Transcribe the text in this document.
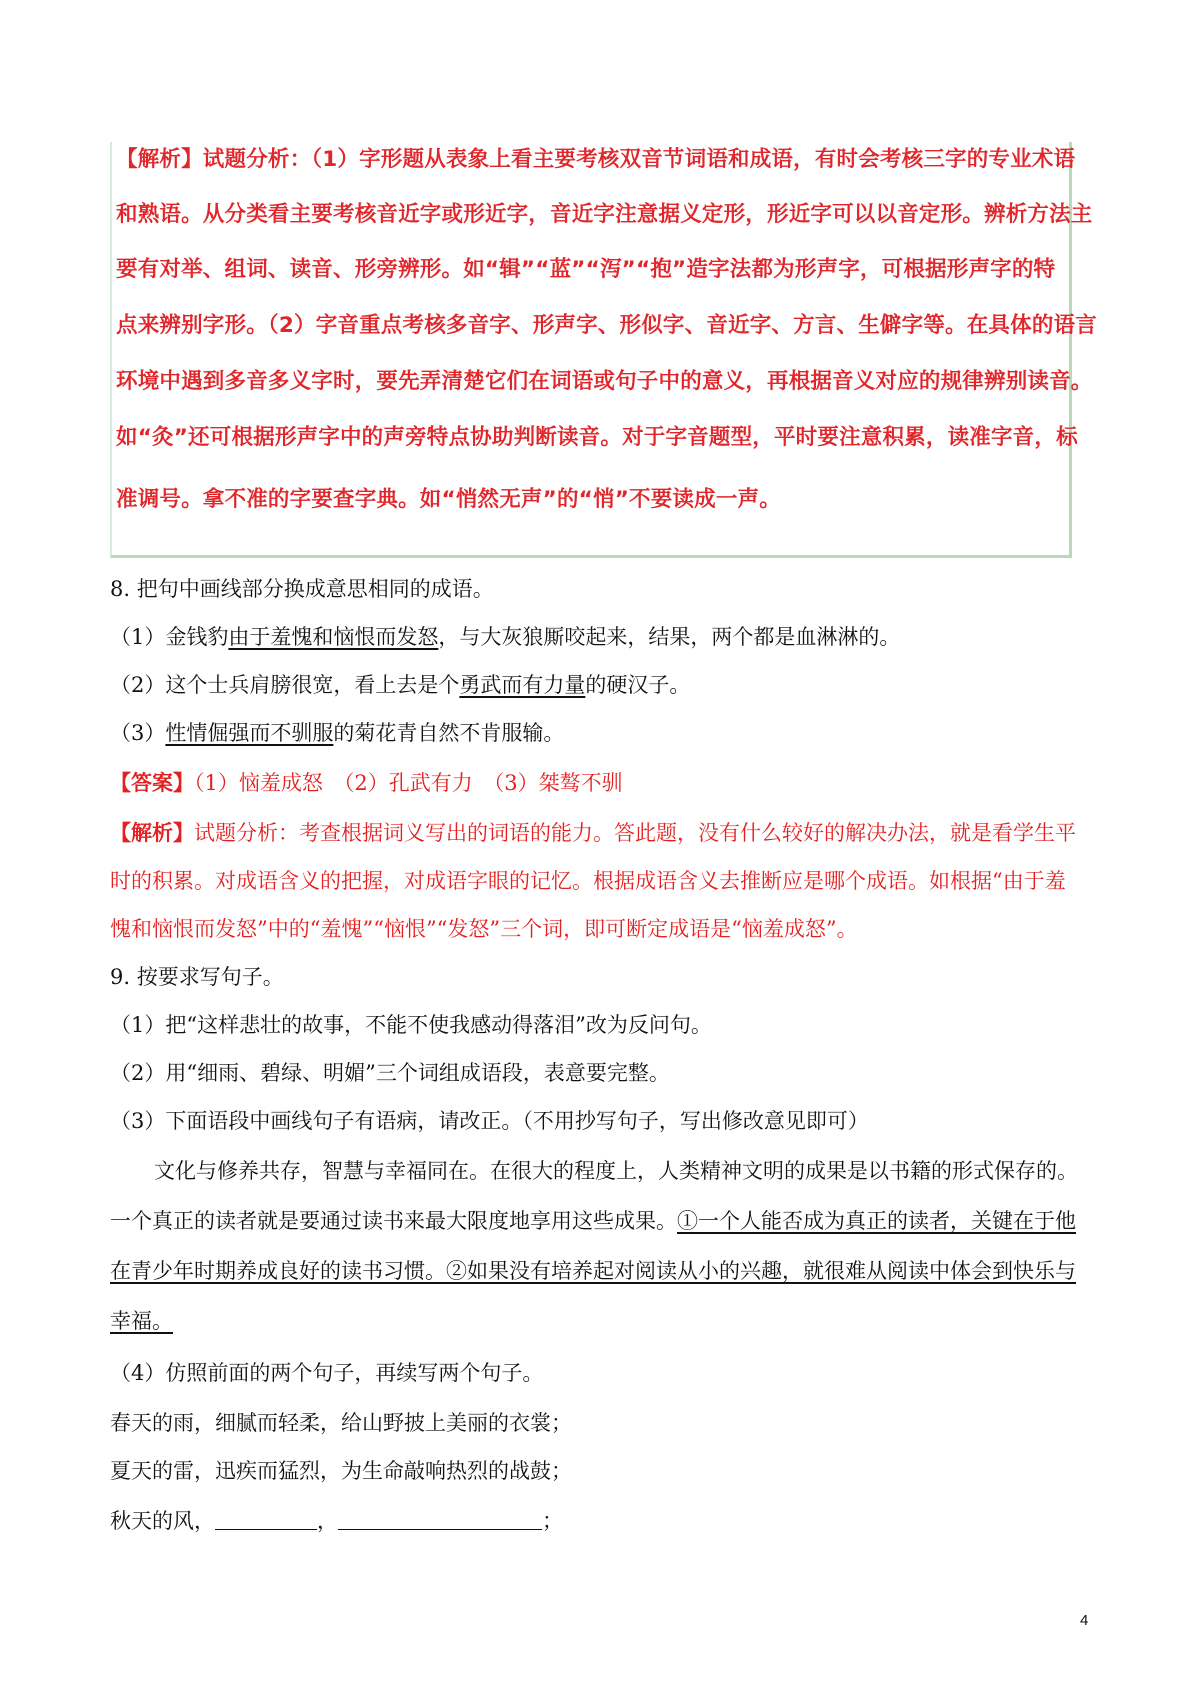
【解析】试题分析：（1）字形题从表象上看主要考核双音节词语和成语，有时会考核三字的专业术语
和熟语。从分类看主要考核音近字或形近字，音近字注意据义定形，形近字可以以音定形。辨析方法主
要有对举、组词、读音、形旁辨形。如“辑”“蓝”“泻”“抱”造字法都为形声字，可根据形声字的特
点来辨别字形。（2）字音重点考核多音字、形声字、形似字、音近字、方言、生僻字等。在具体的语言
环境中遇到多音多义字时，要先弄清楚它们在词语或句子中的意义，再根据音义对应的规律辨别读音。
如“灸”还可根据形声字中的声旁特点协助判断读音。对于字音题型，平时要注意积累，读准字音，标
准调号。拿不准的字要查字典。如“悄然无声”的“悄”不要读成一声。
8. 把句中画线部分换成意思相同的成语。
（1）金钱豹由于羞愧和恼恨而发怒，与大灰狼厮咬起来，结果，两个都是血淋淋的。
（2）这个士兵肩膀很宽，看上去是个勇武而有力量的硬汉子。
（3）性情倔强而不驯服的菊花青自然不肯服输。
【答案】（1）恼羞成怒　（2）孔武有力　（3）桀骜不驯
【解析】试题分析：考查根据词义写出的词语的能力。答此题，没有什么较好的解决办法，就是看学生平
时的积累。对成语含义的把握，对成语字眼的记忆。根据成语含义去推断应是哪个成语。如根据“由于羞
愧和恼恨而发怒”中的“羞愧”“恼恨”“发怒”三个词，即可断定成语是“恼羞成怒”。
9. 按要求写句子。
（1）把“这样悲壮的故事，不能不使我感动得落泪”改为反问句。
（2）用“细雨、碧绿、明媚”三个词组成语段，表意要完整。
（3）下面语段中画线句子有语病，请改正。（不用抄写句子，写出修改意见即可）
文化与修养共存，智慧与幸福同在。在很大的程度上，人类精神文明的成果是以书籍的形式保存的。
一个真正的读者就是要通过读书来最大限度地享用这些成果。①一个人能否成为真正的读者，关键在于他
在青少年时期养成良好的读书习惯。②如果没有培养起对阅读从小的兴趣，就很难从阅读中体会到快乐与
幸福。
（4）仿照前面的两个句子，再续写两个句子。
春天的雨，细腻而轻柔，给山野披上美丽的衣裳；
夏天的雷，迅疾而猛烈，为生命敲响热烈的战鼓；
秋天的风，	，	；
4
